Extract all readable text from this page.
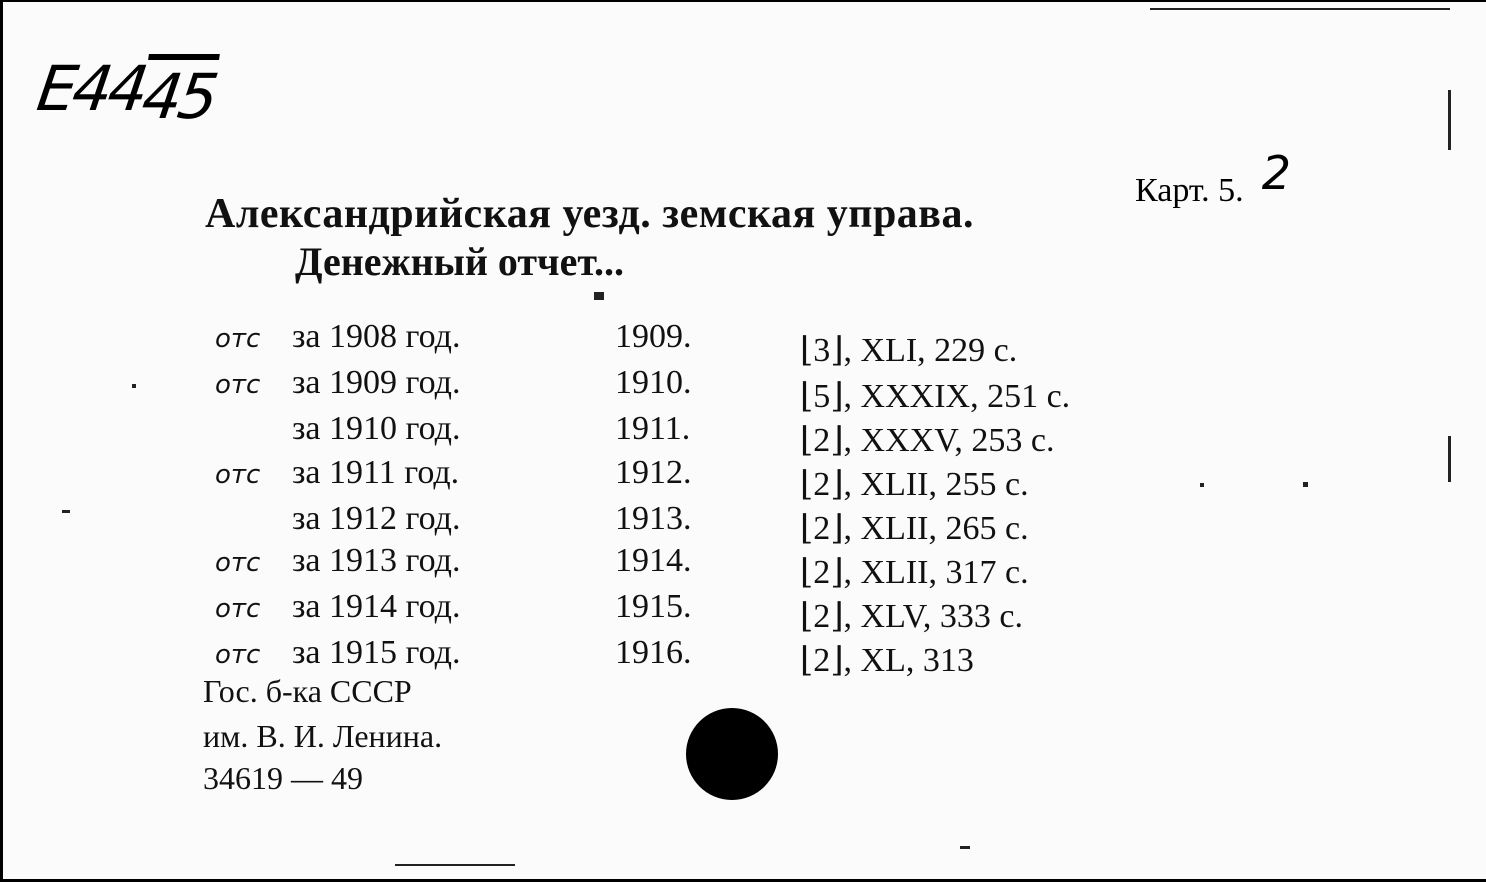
E4445
Карт. 5. 2
Александрийская уезд. земская управа.
Денежный отчет...
отс за 1908 год.	1909.	⌊3⌋, XLI, 229 с.
отс за 1909 год.	1910.	⌊5⌋, XXXIX, 251 с.
за 1910 год.	1911.	⌊2⌋, XXXV, 253 с.
отс за 1911 год.	1912.	⌊2⌋, XLII, 255 с.
за 1912 год.	1913.	⌊2⌋, XLII, 265 с.
отс за 1913 год.	1914.	⌊2⌋, XLII, 317 с.
отс за 1914 год.	1915.	⌊2⌋, XLV, 333 с.
отс за 1915 год.	1916.	⌊2⌋, XL, 313
Гос. б-ка СССР
им. В. И. Ленина.
34619 — 49
